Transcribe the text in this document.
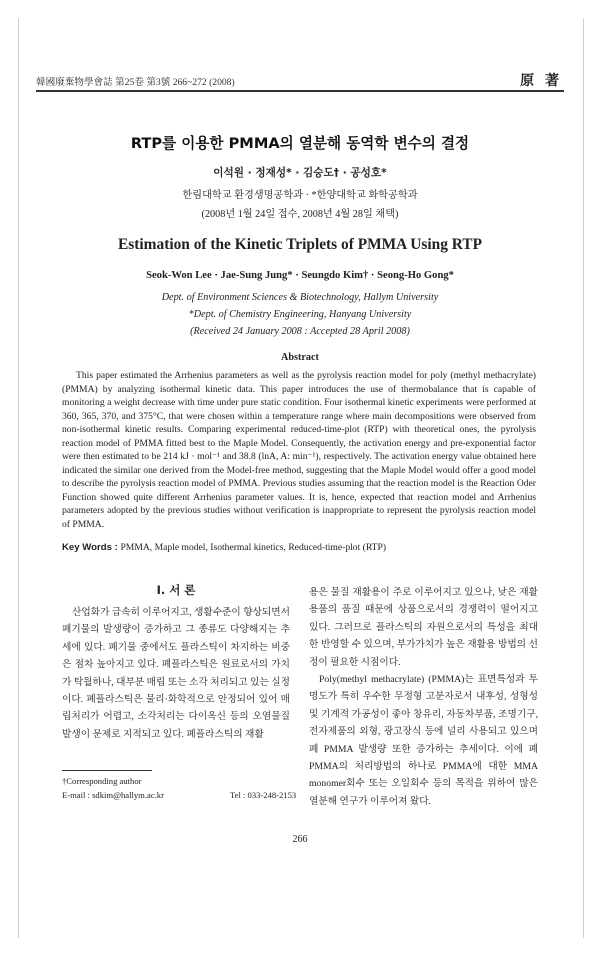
韓國廢棄物學會誌 第25卷 第3號 266~272 (2008)	原 著
RTP를 이용한 PMMA의 열분해 동역학 변수의 결정
이석원 · 정재성* · 김승도† · 공성호*
한림대학교 환경생명공학과 · *한양대학교 화학공학과
(2008년 1월 24일 접수, 2008년 4월 28일 채택)
Estimation of the Kinetic Triplets of PMMA Using RTP
Seok-Won Lee · Jae-Sung Jung* · Seungdo Kim† · Seong-Ho Gong*
Dept. of Environment Sciences & Biotechnology, Hallym University
*Dept. of Chemistry Engineering, Hanyang University
(Received 24 January 2008 : Accepted 28 April 2008)
Abstract
This paper estimated the Arrhenius parameters as well as the pyrolysis reaction model for poly (methyl methacrylate) (PMMA) by analyzing isothermal kinetic data. This paper introduces the use of thermobalance that is capable of monitoring a weight decrease with time under pure static condition. Four isothermal kinetic experiments were performed at 360, 365, 370, and 375°C, that were chosen within a temperature range where main decompositions were observed from non-isothermal kinetic results. Comparing experimental reduced-time-plot (RTP) with theoretical ones, the pyrolysis reaction model of PMMA fitted best to the Maple Model. Consequently, the activation energy and pre-exponential factor were then estimated to be 214 kJ · mol⁻¹ and 38.8 (lnA, A: min⁻¹), respectively. The activation energy value obtained here indicated the similar one derived from the Model-free method, suggesting that the Maple Model would offer a good model to describe the pyrolysis reaction model of PMMA. Previous studies assuming that the reaction model is the Reaction Oder Function showed quite different Arrhenius parameter values. It is, hence, expected that reaction model and Arrhenius parameters adopted by the previous studies without verification is inappropriate to represent the pyrolysis reaction model of PMMA.
Key Words : PMMA, Maple model, Isothermal kinetics, Reduced-time-plot (RTP)
I. 서 론
산업화가 급속히 이루어지고, 생활수준이 향상되면서 폐기물의 발생량이 증가하고 그 종류도 다양해지는 추세에 있다. 폐기물 중에서도 플라스틱이 차지하는 비중은 점차 높아지고 있다. 폐플라스틱은 원료로서의 가치가 탁월하나, 대부분 매립 또는 소각 처리되고 있는 실정이다. 폐플라스틱은 물리·화학적으로 안정되어 있어 매립처리가 어렵고, 소각처리는 다이옥신 등의 오염물질 발생이 문제로 지적되고 있다. 폐플라스틱의 재활

용은 물질 재활용이 주로 이루어지고 있으나, 낮은 재활용품의 품질 때문에 상품으로서의 경쟁력이 떨어지고 있다. 그러므로 플라스틱의 자원으로서의 특성을 최대한 반영할 수 있으며, 부가가치가 높은 재활용 방법의 선정이 필요한 시점이다.

Poly(methyl methacrylate) (PMMA)는 표면특성과 투명도가 특히 우수한 무정형 고분자로서 내후성, 성형성 및 기계적 가공성이 좋아 창유리, 자동차부품, 조명기구, 전자제품의 외형, 광고장식 등에 널리 사용되고 있으며 폐 PMMA 발생량 또한 증가하는 추세이다. 이에 폐 PMMA의 처리방법의 하나로 PMMA에 대한 MMA monomer회수 또는 오일회수 등의 목적을 위하여 많은 열분해 연구가 이루어져 왔다.

†Corresponding author
E-mail : sdkim@hallym.ac.kr	Tel : 033-248-2153
266
